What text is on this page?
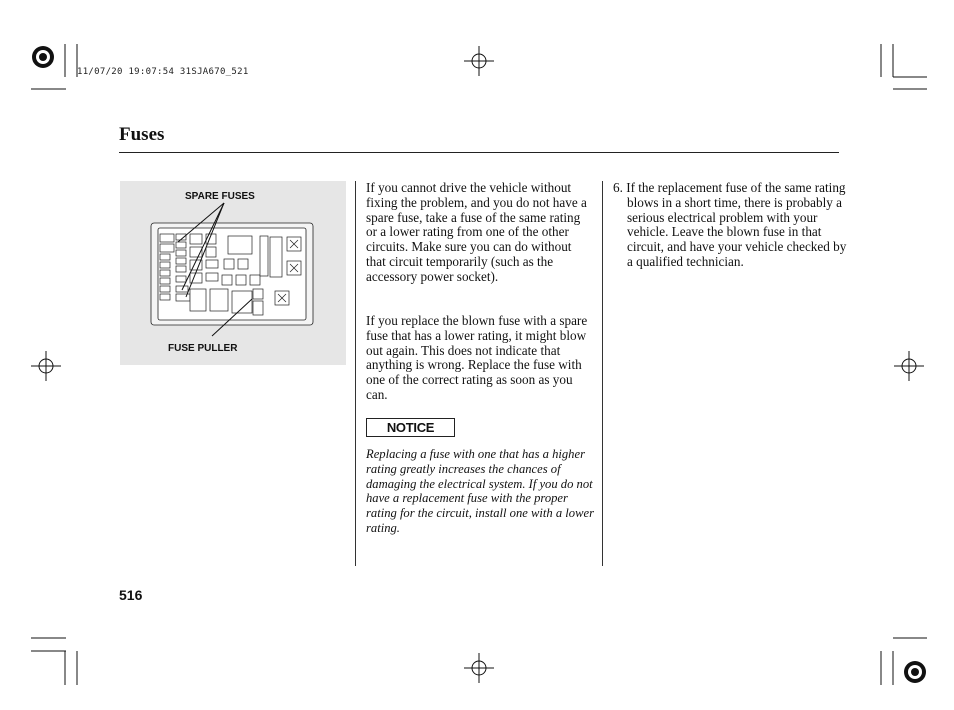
11/07/20 19:07:54 31SJA670_521
Fuses
SPARE FUSES
FUSE PULLER
If you cannot drive the vehicle without fixing the problem, and you do not have a spare fuse, take a fuse of the same rating or a lower rating from one of the other circuits. Make sure you can do without that circuit temporarily (such as the accessory power socket).
If you replace the blown fuse with a spare fuse that has a lower rating, it might blow out again. This does not indicate that anything is wrong. Replace the fuse with one of the correct rating as soon as you can.
NOTICE
Replacing a fuse with one that has a higher rating greatly increases the chances of damaging the electrical system. If you do not have a replacement fuse with the proper rating for the circuit, install one with a lower rating.
6. If the replacement fuse of the same rating blows in a short time, there is probably a serious electrical problem with your vehicle. Leave the blown fuse in that circuit, and have your vehicle checked by a qualified technician.
516
